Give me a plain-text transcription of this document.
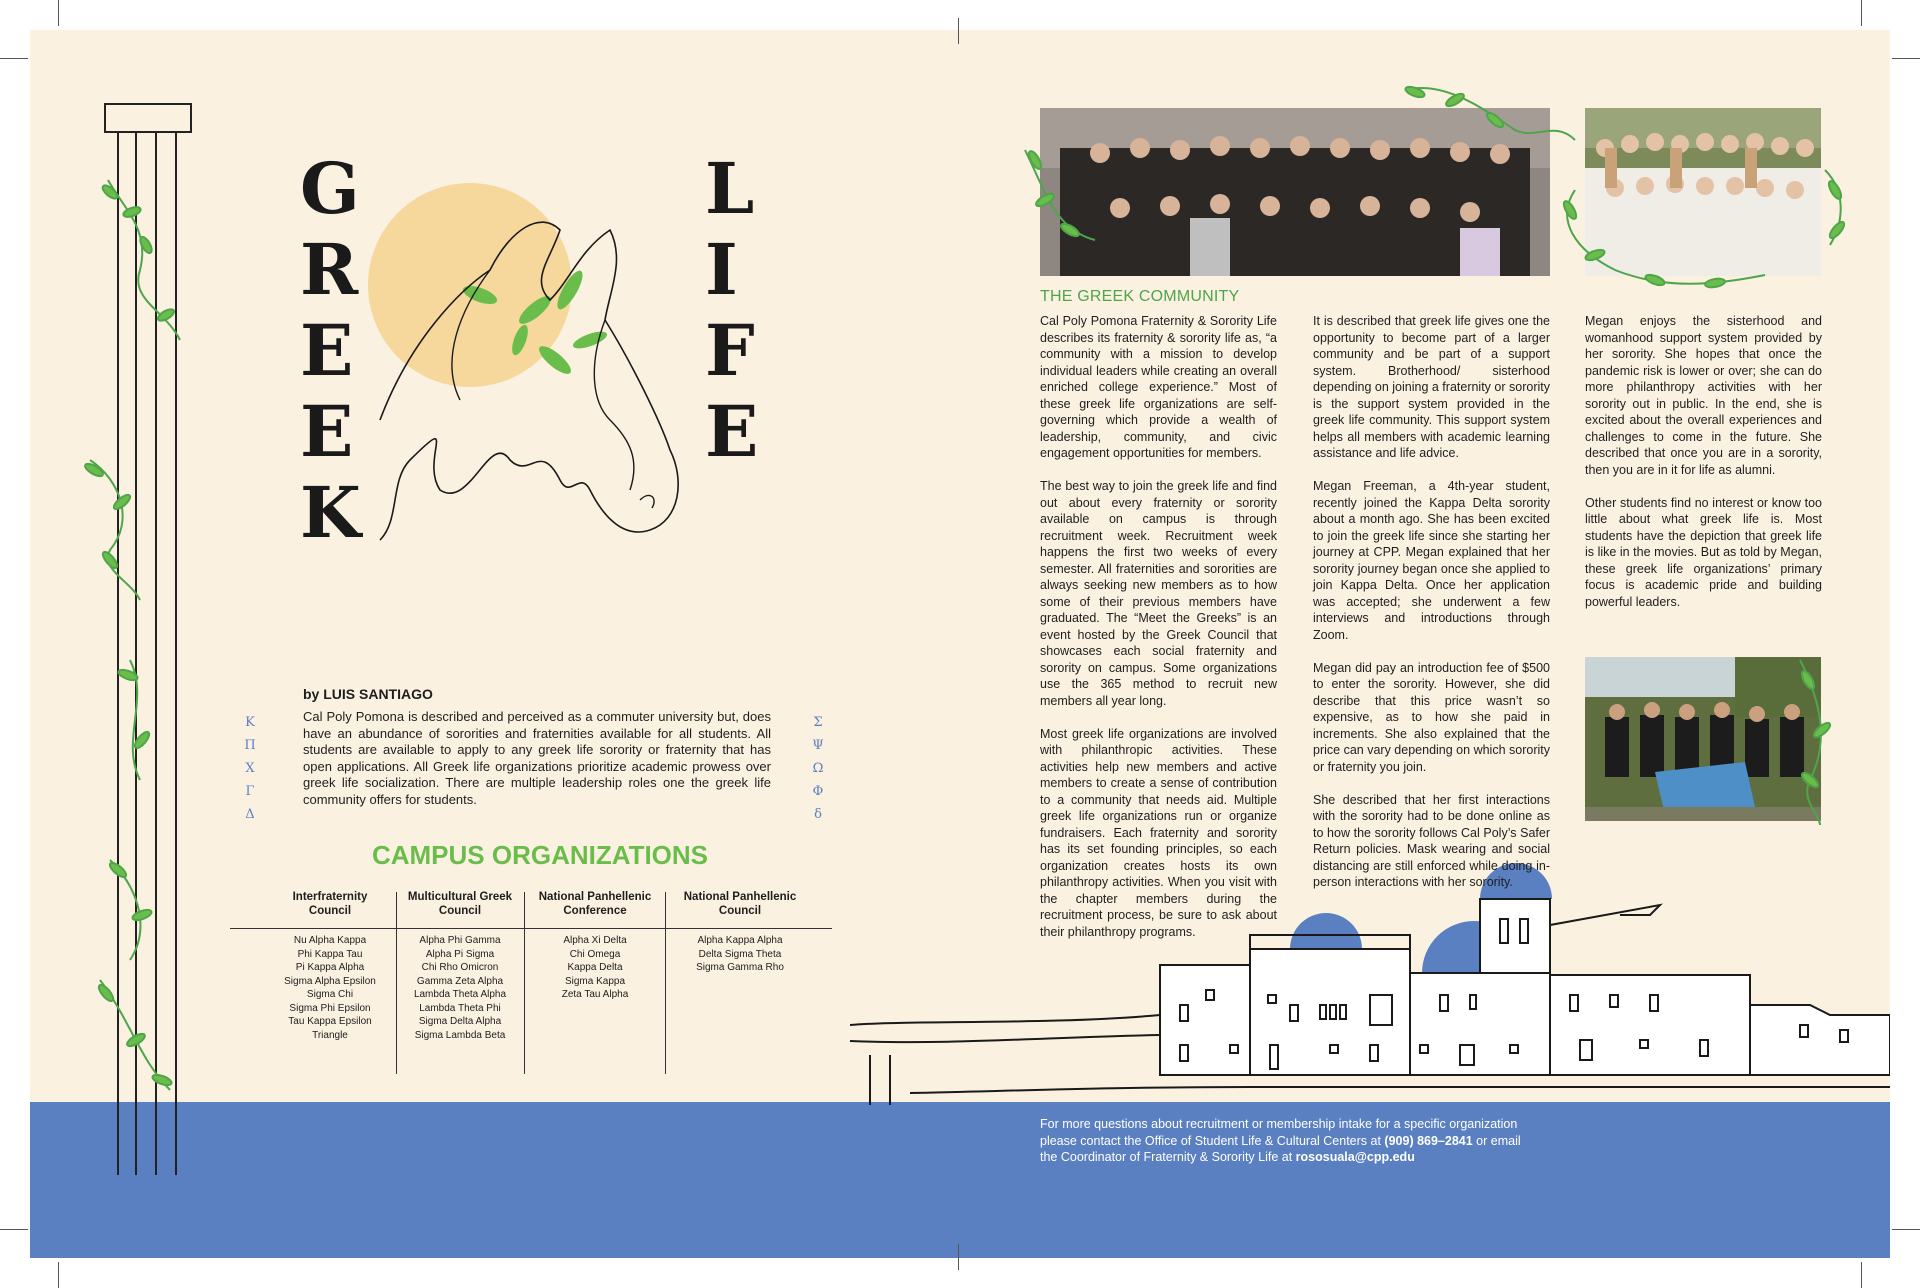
G
R
E
E
K
L
I
F
E
by LUIS SANTIAGO
Cal Poly Pomona is described and perceived as a commuter university but, does have an abundance of sororities and fraternities available for all students. All students are available to apply to any greek life sorority or fraternity that has open applications. All Greek life organizations prioritize academic prowess over greek life socialization. There are multiple leadership roles one the greek life community offers for students.
Κ
Π
Χ
Γ
Δ
Σ
Ψ
Ω
Φ
δ
CAMPUS ORGANIZATIONS
Interfraternity Council
Nu Alpha Kappa
Phi Kappa Tau
Pi Kappa Alpha
Sigma Alpha Epsilon
Sigma Chi
Sigma Phi Epsilon
Tau Kappa Epsilon
Triangle
Multicultural Greek Council
Alpha Phi Gamma
Alpha Pi Sigma
Chi Rho Omicron
Gamma Zeta Alpha
Lambda Theta Alpha
Lambda Theta Phi
Sigma Delta Alpha
Sigma Lambda Beta
National Panhellenic Conference
Alpha Xi Delta
Chi Omega
Kappa Delta
Sigma Kappa
Zeta Tau Alpha
National Panhellenic Council
Alpha Kappa Alpha
Delta Sigma Theta
Sigma Gamma Rho
THE GREEK COMMUNITY

Cal Poly Pomona Fraternity & Sorority Life describes its fraternity & sorority life as, “a community with a mission to develop individual leaders while creating an overall enriched college experience.” Most of these greek life organizations are self-governing which provide a wealth of leadership, community, and civic engagement opportunities for members.

The best way to join the greek life and find out about every fraternity or sorority available on campus is through recruitment week. Recruitment week happens the first two weeks of every semester. All fraternities and sororities are always seeking new members as to how some of their previous members have graduated. The “Meet the Greeks” is an event hosted by the Greek Council that showcases each social fraternity and sorority on campus. Some organizations use the 365 method to recruit new members all year long.

Most greek life organizations are involved with philanthropic activities. These activities help new members and active members to create a sense of contribution to a community that needs aid. Multiple greek life organizations run or organize fundraisers. Each fraternity and sorority has its set founding principles, so each organization creates hosts its own philanthropy activities. When you visit with the chapter members during the recruitment process, be sure to ask about their philanthropy programs.

It is described that greek life gives one the opportunity to become part of a larger community and be part of a support system. Brotherhood/ sisterhood depending on joining a fraternity or sorority is the support system provided in the greek life community. This support system helps all members with academic learning assistance and life advice.

Megan Freeman, a 4th-year student, recently joined the Kappa Delta sorority about a month ago. She has been excited to join the greek life since she starting her journey at CPP. Megan explained that her sorority journey began once she applied to join Kappa Delta. Once her application was accepted; she underwent a few interviews and introductions through Zoom.

Megan did pay an introduction fee of $500 to enter the sorority. However, she did describe that this price wasn’t so expensive, as to how she paid in increments. She also explained that the price can vary depending on which sorority or fraternity you join.

She described that her first interactions with the sorority had to be done online as to how the sorority follows Cal Poly’s Safer Return policies. Mask wearing and social distancing are still enforced while doing in-person interactions with her sorority.

Megan enjoys the sisterhood and womanhood support system provided by her sorority. She hopes that once the pandemic risk is lower or over; she can do more philanthropy activities with her sorority out in public. In the end, she is excited about the overall experiences and challenges to come in the future. She described that once you are in a sorority, then you are in it for life as alumni.

Other students find no interest or know too little about what greek life is. Most students have the depiction that greek life is like in the movies. But as told by Megan, these greek life organizations’ primary focus is academic pride and building powerful leaders.

For more questions about recruitment or membership intake for a specific organization
please contact the Office of Student Life & Cultural Centers at (909) 869–2841 or email
the Coordinator of Fraternity & Sorority Life at rososuala@cpp.edu
